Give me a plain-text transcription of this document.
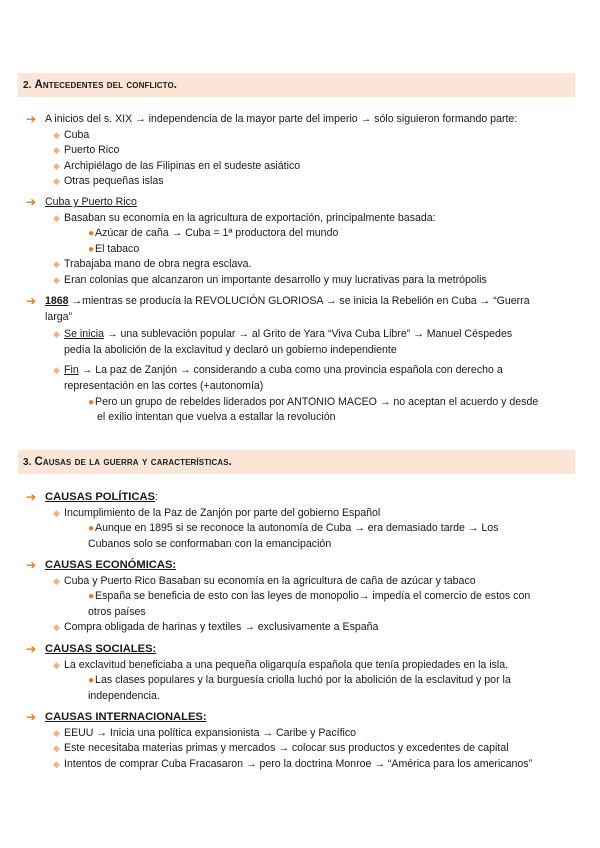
2. Antecedentes del conflicto.
➔ A inicios del s. XIX → independencia de la mayor parte del imperio → sólo siguieron formando parte:
◆ Cuba
◆ Puerto Rico
◆ Archipiélago de las Filipinas en el sudeste asiático
◆ Otras pequeñas islas
➔ Cuba y Puerto Rico
◆ Basaban su economía en la agricultura de exportación, principalmente basada:
●Azúcar de caña → Cuba = 1ª productora del mundo
●El tabaco
◆ Trabajaba mano de obra negra esclava.
◆ Eran colonias que alcanzaron un importante desarrollo y muy lucrativas para la metrópolis
➔ 1868 →mientras se producía la REVOLUCIÓN GLORIOSA → se inicia la Rebelión en Cuba → “Guerra
larga”
◆ Se inicia → una sublevación popular → al Grito de Yara “Viva Cuba Libre” → Manuel Céspedes
pedía la abolición de la exclavitud y declaró un gobierno independiente
◆ Fin → La paz de Zanjón → considerando a cuba como una provincia española con derecho a
representación en las cortes (+autonomía)
●Pero un grupo de rebeldes liderados por ANTONIO MACEO → no aceptan el acuerdo y desde
el exilio intentan que vuelva a estallar la revolución
3. Causas de la guerra y características.
➔ CAUSAS POLÍTICAS:
◆ Incumplimiento de la Paz de Zanjón por parte del gobierno Español
●Aunque en 1895 si se reconoce la autonomía de Cuba → era demasiado tarde → Los
Cubanos solo se conformaban con la emancipación
➔ CAUSAS ECONÓMICAS:
◆ Cuba y Puerto Rico Basaban su economía en la agricultura de caña de azúcar y tabaco
●España se beneficia de esto con las leyes de monopolio→ impedía el comercio de estos con
otros países
◆ Compra obligada de harinas y textiles → exclusivamente a España
➔ CAUSAS SOCIALES:
◆ La exclavitud beneficiaba a una pequeña oligarquía española que tenía propiedades en la isla.
●Las clases populares y la burguesía criolla luchó por la abolición de la esclavitud y por la
independencia.
➔ CAUSAS INTERNACIONALES:
◆ EEUU → Inicia una política expansionista → Caribe y Pacífico
◆ Este necesitaba materias primas y mercados → colocar sus productos y excedentes de capital
◆ Intentos de comprar Cuba Fracasaron → pero la doctrina Monroe → “América para los americanos”
